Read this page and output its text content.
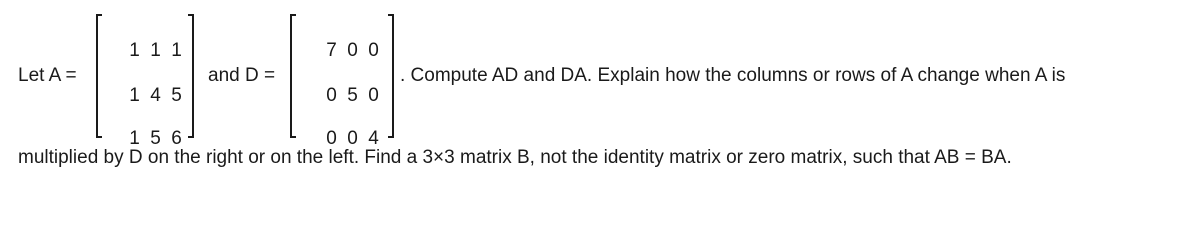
Let A =

1 1 1

1 4 5

1 5 6

and D =

7 0 0

0 5 0

0 0 4

. Compute AD and DA. Explain how the columns or rows of A change when A is
multiplied by D on the right or on the left. Find a 3×3 matrix B, not the identity matrix or zero matrix, such that AB = BA.
